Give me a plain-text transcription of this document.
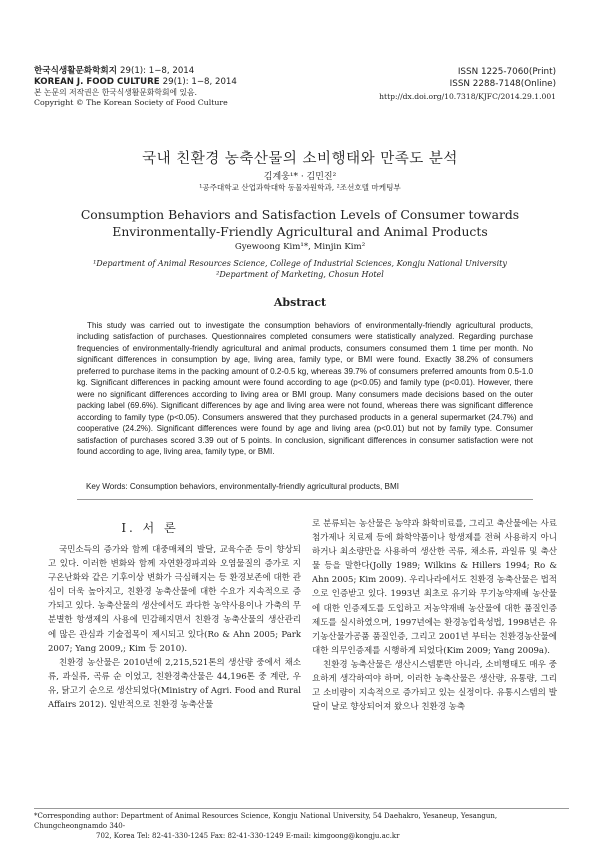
한국식생활문화학회지 29(1): 1−8, 2014
KOREAN J. FOOD CULTURE 29(1): 1−8, 2014
본 논문의 저작권은 한국식생활문화학회에 있음.
Copyright © The Korean Society of Food Culture
ISSN 1225-7060(Print)
ISSN 2288-7148(Online)
http://dx.doi.org/10.7318/KJFC/2014.29.1.001
국내 친환경 농축산물의 소비행태와 만족도 분석
김계웅¹* · 김민진²
¹공주대학교 산업과학대학 동물자원학과, ²조선호텔 마케팅부
Consumption Behaviors and Satisfaction Levels of Consumer towards Environmentally-Friendly Agricultural and Animal Products
Gyewoong Kim¹*, Minjin Kim²
¹Department of Animal Resources Science, College of Industrial Sciences, Kongju National University
²Department of Marketing, Chosun Hotel
Abstract
This study was carried out to investigate the consumption behaviors of environmentally-friendly agricultural products, including satisfaction of purchases. Questionnaires completed consumers were statistically analyzed. Regarding purchase frequencies of environmentally-friendly agricultural and animal products, consumers consumed them 1 time per month. No significant differences in consumption by age, living area, family type, or BMI were found. Exactly 38.2% of consumers preferred to purchase items in the packing amount of 0.2-0.5 kg, whereas 39.7% of consumers preferred amounts from 0.5-1.0 kg. Significant differences in packing amount were found according to age (p<0.05) and family type (p<0.01). However, there were no significant differences according to living area or BMI group. Many consumers made decisions based on the outer packing label (69.6%). Significant differences by age and living area were not found, whereas there was significant difference according to family type (p<0.05). Consumers answered that they purchased products in a general supermarket (24.7%) and cooperative (24.2%). Significant differences were found by age and living area (p<0.01) but not by family type. Consumer satisfaction of purchases scored 3.39 out of 5 points. In conclusion, significant differences in consumer satisfaction were not found according to age, living area, family type, or BMI.
Key Words: Consumption behaviors, environmentally-friendly agricultural products, BMI
Ⅰ. 서 론

국민소득의 증가와 함께 대중매체의 발달, 교육수준 등이 향상되고 있다. 이러한 변화와 함께 자연환경파괴와 오염물질의 증가로 지구온난화와 같은 기후이상 변화가 극심해지는 등 환경보존에 대한 관심이 더욱 높아지고, 친환경 농축산물에 대한 수요가 지속적으로 증가되고 있다. 농축산물의 생산에서도 과다한 농약사용이나 가축의 무분별한 항생제의 사용에 민감해지면서 친환경 농축산물의 생산관리에 많은 관심과 기술접목이 제시되고 있다(Ro & Ahn 2005; Park 2007; Yang 2009,; Kim 등 2010).

친환경 농산물은 2010년에 2,215,521톤의 생산량 중에서 채소류, 과실류, 곡류 순 이었고, 친환경축산물은 44,196톤 중 계란, 우유, 닭고기 순으로 생산되었다(Ministry of Agri. Food and Rural Affairs 2012). 일반적으로 친환경 농축산물

로 분류되는 농산물은 농약과 화학비료를, 그리고 축산물에는 사료첨가제나 치료제 등에 화학약품이나 항생제를 전혀 사용하지 아니하거나 최소량만을 사용하여 생산한 곡류, 채소류, 과일류 및 축산물 등을 말한다(Jolly 1989; Wilkins & Hillers 1994; Ro & Ahn 2005; Kim 2009). 우리나라에서도 친환경 농축산물은 법적으로 인증받고 있다. 1993년 최초로 유기와 무기농약재배 농산물에 대한 인증제도를 도입하고 저농약재배 농산물에 대한 품질인증제도를 실시하였으며, 1997년에는 환경농업육성법, 1998년은 유기농산물가공품 품질인증, 그리고 2001년 부터는 친환경농산물에 대한 의무인증제를 시행하게 되었다(Kim 2009; Yang 2009a).

친환경 농축산물은 생산시스템뿐만 아니라, 소비행태도 매우 중요하게 생각하여야 하며, 이러한 농축산물은 생산량, 유통량, 그리고 소비량이 지속적으로 증가되고 있는 실정이다. 유통시스템의 발달이 날로 향상되어져 왔으나 친환경 농축

*Corresponding author: Department of Animal Resources Science, Kongju National University, 54 Daehakro, Yesaneup, Yesangun, Chungcheongnamdo 340-
702, Korea Tel: 82-41-330-1245 Fax: 82-41-330-1249 E-mail: kimgoong@kongju.ac.kr
